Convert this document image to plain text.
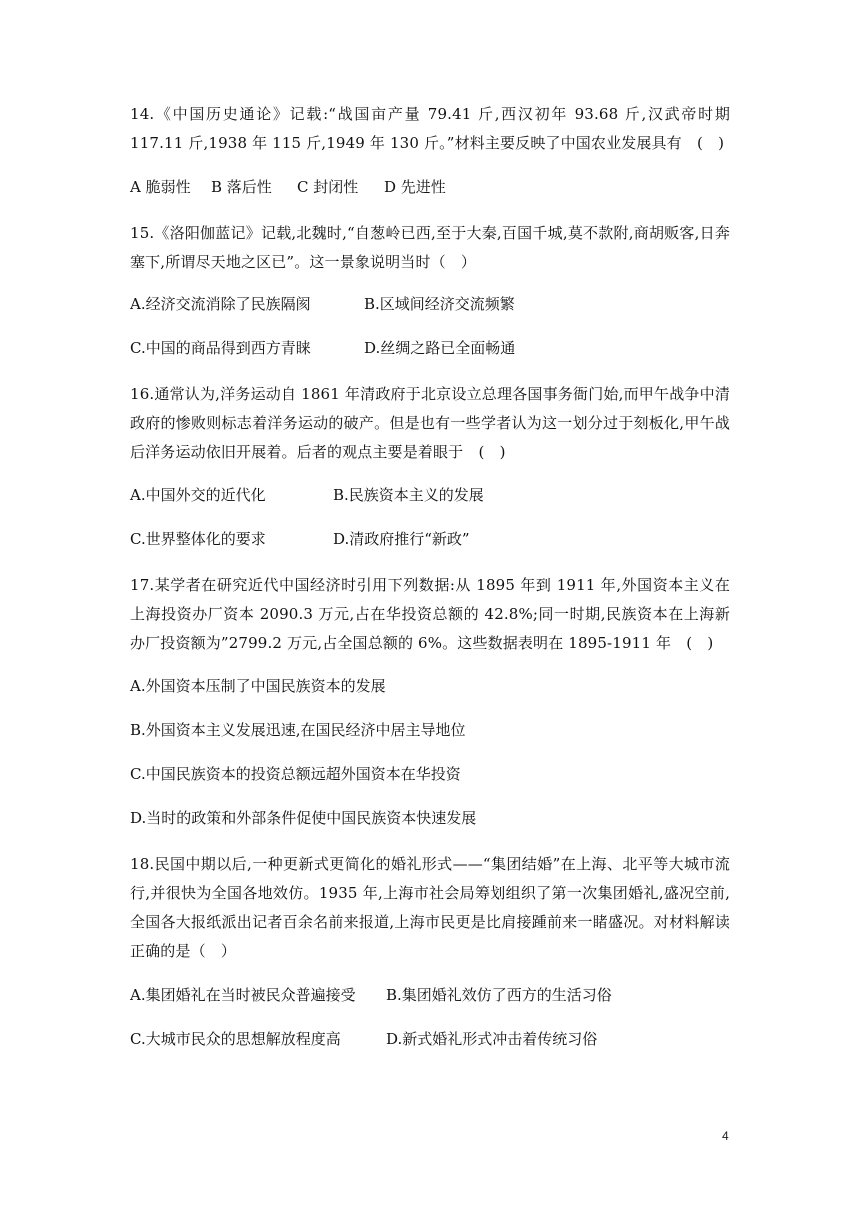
14.《中国历史通论》记载:“战国亩产量 79.41 斤,西汉初年 93.68 斤,汉武帝时期 117.11 斤,1938 年 115 斤,1949 年 130 斤。”材料主要反映了中国农业发展具有　(　)

A 脆弱性 B 落后性 C 封闭性 D 先进性

15.《洛阳伽蓝记》记载,北魏时,“自葱岭已西,至于大秦,百国千城,莫不款附,商胡贩客,日奔塞下,所谓尽天地之区已”。这一景象说明当时（　）

A.经济交流消除了民族隔阂	B.区域间经济交流频繁
C.中国的商品得到西方青睐	D.丝绸之路已全面畅通

16.通常认为,洋务运动自 1861 年清政府于北京设立总理各国事务衙门始,而甲午战争中清政府的惨败则标志着洋务运动的破产。但是也有一些学者认为这一划分过于刻板化,甲午战后洋务运动依旧开展着。后者的观点主要是着眼于　(　)

A.中国外交的近代化	B.民族资本主义的发展
C.世界整体化的要求	D.清政府推行“新政”

17.某学者在研究近代中国经济时引用下列数据:从 1895 年到 1911 年,外国资本主义在上海投资办厂资本 2090.3 万元,占在华投资总额的 42.8%;同一时期,民族资本在上海新办厂投资额为”2799.2 万元,占全国总额的 6%。这些数据表明在 1895-1911 年　(　)

A.外国资本压制了中国民族资本的发展
B.外国资本主义发展迅速,在国民经济中居主导地位
C.中国民族资本的投资总额远超外国资本在华投资
D.当时的政策和外部条件促使中国民族资本快速发展

18.民国中期以后,一种更新式更简化的婚礼形式——“集团结婚”在上海、北平等大城市流行,并很快为全国各地效仿。1935 年,上海市社会局筹划组织了第一次集团婚礼,盛况空前,全国各大报纸派出记者百余名前来报道,上海市民更是比肩接踵前来一睹盛况。对材料解读正确的是（　）

A.集团婚礼在当时被民众普遍接受 B.集团婚礼效仿了西方的生活习俗
C.大城市民众的思想解放程度高	D.新式婚礼形式冲击着传统习俗
4
